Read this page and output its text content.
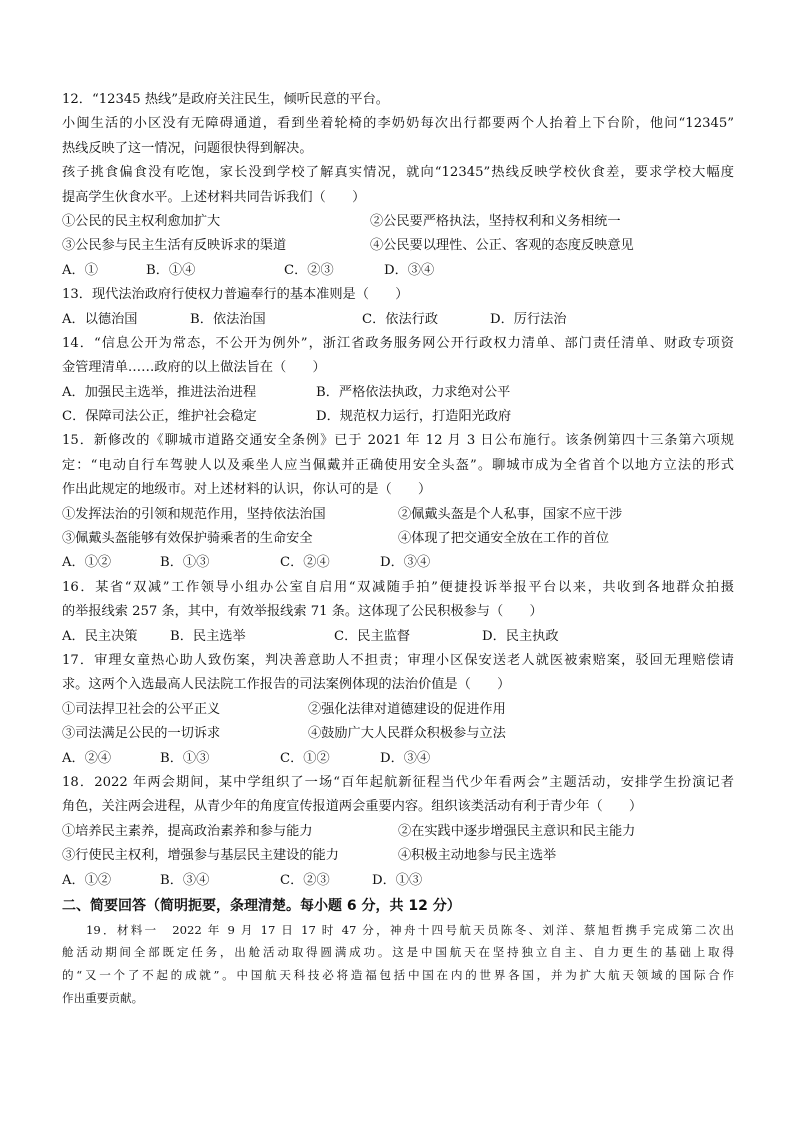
12．“12345 热线”是政府关注民生，倾听民意的平台。
小闽生活的小区没有无障碍通道，看到坐着轮椅的李奶奶每次出行都要两个人抬着上下台阶，他问“12345”
热线反映了这一情况，问题很快得到解决。
孩子挑食偏食没有吃饱，家长没到学校了解真实情况，就向“12345”热线反映学校伙食差，要求学校大幅度
提高学生伙食水平。上述材料共同告诉我们（　　）
①公民的民主权利愈加扩大	②公民要严格执法，坚持权利和义务相统一
③公民参与民主生活有反映诉求的渠道	④公民要以理性、公正、客观的态度反映意见
A．①	B．①④	C．②③	D．③④
13．现代法治政府行使权力普遍奉行的基本准则是（　　）
A．以德治国	B．依法治国	C．依法行政	D．厉行法治
14．“信息公开为常态，不公开为例外”，浙江省政务服务网公开行政权力清单、部门责任清单、财政专项资
金管理清单……政府的以上做法旨在（　　）
A．加强民主选举，推进法治进程	B．严格依法执政，力求绝对公平
C．保障司法公正，维护社会稳定	D．规范权力运行，打造阳光政府
15．新修改的《聊城市道路交通安全条例》已于 2021 年 12 月 3 日公布施行。该条例第四十三条第六项规
定：“电动自行车驾驶人以及乘坐人应当佩戴并正确使用安全头盔”。聊城市成为全省首个以地方立法的形式
作出此规定的地级市。对上述材料的认识，你认可的是（　　）
①发挥法治的引领和规范作用，坚持依法治国	②佩戴头盔是个人私事，国家不应干涉
③佩戴头盔能够有效保护骑乘者的生命安全	④体现了把交通安全放在工作的首位
A．①②	B．①③	C．②④	D．③④
16．某省“双减”工作领导小组办公室自启用“双减随手拍”便捷投诉举报平台以来，共收到各地群众拍摄
的举报线索 257 条，其中，有效举报线索 71 条。这体现了公民积极参与（　　）
A．民主决策	B．民主选举	C．民主监督	D．民主执政
17．审理女童热心助人致伤案，判决善意助人不担责；审理小区保安送老人就医被索赔案，驳回无理赔偿请
求。这两个入选最高人民法院工作报告的司法案例体现的法治价值是（　　）
①司法捍卫社会的公平正义	②强化法律对道德建设的促进作用
③司法满足公民的一切诉求	④鼓励广大人民群众积极参与立法
A．②④	B．①③	C．①②	D．③④
18．2022 年两会期间，某中学组织了一场“百年起航新征程当代少年看两会”主题活动，安排学生扮演记者
角色，关注两会进程，从青少年的角度宣传报道两会重要内容。组织该类活动有利于青少年（　　）
①培养民主素养，提高政治素养和参与能力	②在实践中逐步增强民主意识和民主能力
③行使民主权利，增强参与基层民主建设的能力	④积极主动地参与民主选举
A．①②	B．③④	C．②③	D．①③
二、简要回答（简明扼要，条理清楚。每小题 6 分，共 12 分）
19．材料一　2022 年 9 月 17 日 17 时 47 分，神舟十四号航天员陈冬、刘洋、蔡旭哲携手完成第二次出
舱活动期间全部既定任务，出舱活动取得圆满成功。这是中国航天在坚持独立自主、自力更生的基础上取得
的“又一个了不起的成就”。中国航天科技必将造福包括中国在内的世界各国，并为扩大航天领域的国际合作
作出重要贡献。
